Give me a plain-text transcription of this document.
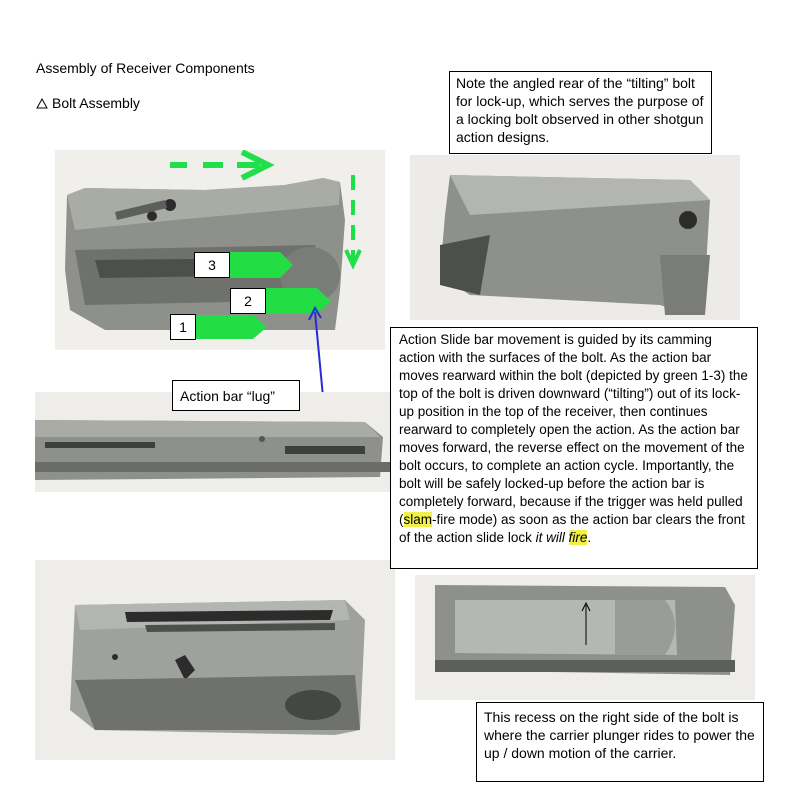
Assembly of Receiver Components
Bolt Assembly
3
2
1
Note the angled rear of the “tilting” bolt for lock-up, which serves the purpose of a locking bolt observed in other shotgun action designs.
Action bar “lug”
Action Slide bar movement is guided by its camming action with the surfaces of the bolt. As the action bar moves rearward within the bolt (depicted by green 1-3) the top of the bolt is driven downward (“tilting”) out of its lock-up position in the top of the receiver, then continues rearward to completely open the action. As the action bar moves forward, the reverse effect on the movement of the bolt occurs, to complete an action cycle. Importantly, the bolt will be safely locked-up before the action bar is completely forward, because if the trigger was held pulled (slam-fire mode) as soon as the action bar clears the front of the action slide lock it will fire.
This recess on the right side of the bolt is where the carrier plunger rides to power the up / down motion of the carrier.
